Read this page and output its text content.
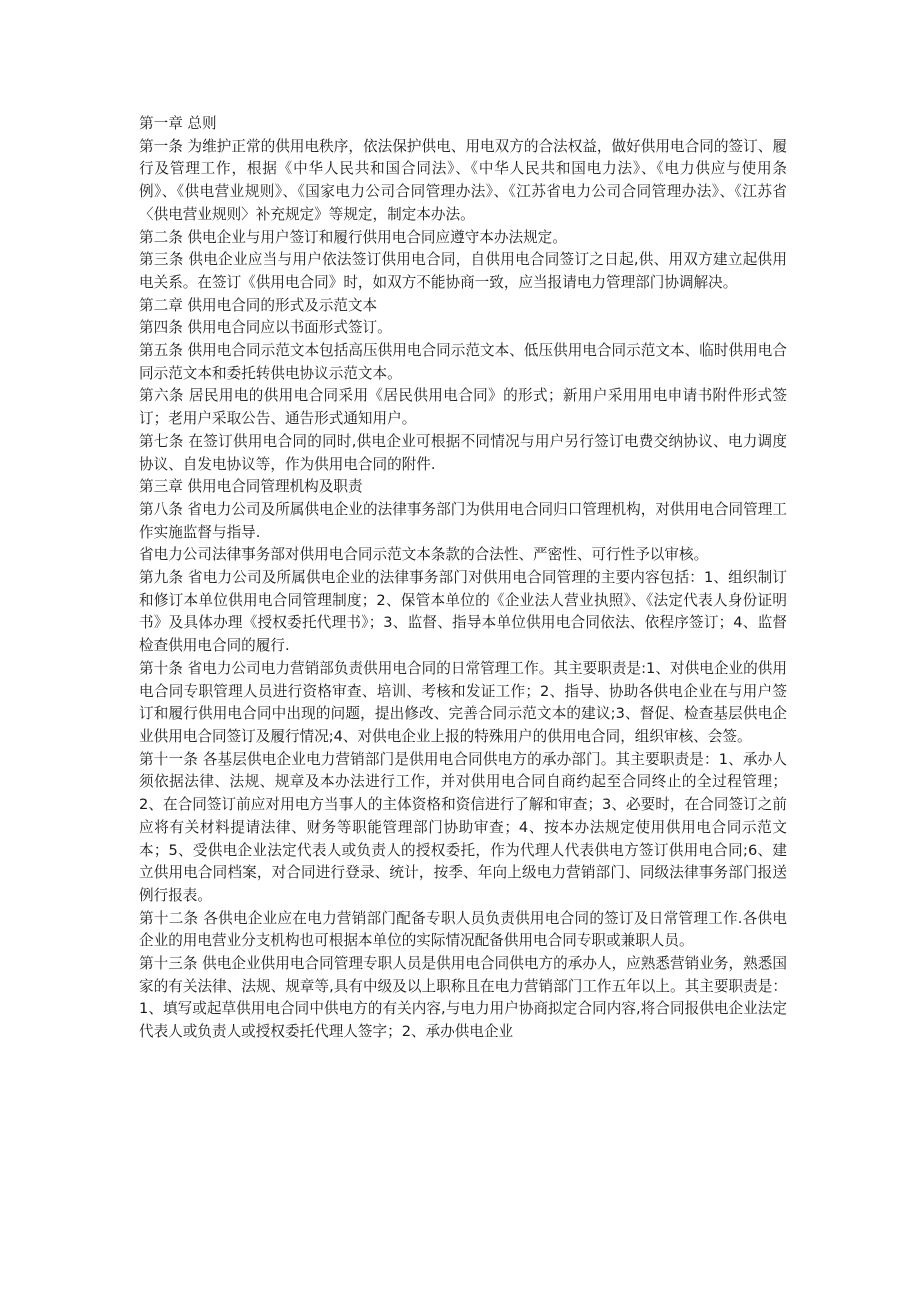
第一章 总则

第一条 为维护正常的供用电秩序，依法保护供电、用电双方的合法权益，做好供用电合同的签订、履行及管理工作，根据《中华人民共和国合同法》、《中华人民共和国电力法》、《电力供应与使用条例》、《供电营业规则》、《国家电力公司合同管理办法》、《江苏省电力公司合同管理办法》、《江苏省〈供电营业规则〉补充规定》等规定，制定本办法。

第二条 供电企业与用户签订和履行供用电合同应遵守本办法规定。

第三条 供电企业应当与用户依法签订供用电合同，自供用电合同签订之日起,供、用双方建立起供用电关系。在签订《供用电合同》时，如双方不能协商一致，应当报请电力管理部门协调解决。

第二章 供用电合同的形式及示范文本

第四条 供用电合同应以书面形式签订。

第五条 供用电合同示范文本包括高压供用电合同示范文本、低压供用电合同示范文本、临时供用电合同示范文本和委托转供电协议示范文本。

第六条 居民用电的供用电合同采用《居民供用电合同》的形式；新用户采用用电申请书附件形式签订；老用户采取公告、通告形式通知用户。

第七条 在签订供用电合同的同时,供电企业可根据不同情况与用户另行签订电费交纳协议、电力调度协议、自发电协议等，作为供用电合同的附件.

第三章 供用电合同管理机构及职责

第八条 省电力公司及所属供电企业的法律事务部门为供用电合同归口管理机构，对供用电合同管理工作实施监督与指导.

省电力公司法律事务部对供用电合同示范文本条款的合法性、严密性、可行性予以审核。

第九条 省电力公司及所属供电企业的法律事务部门对供用电合同管理的主要内容包括：1、组织制订和修订本单位供用电合同管理制度；2、保管本单位的《企业法人营业执照》、《法定代表人身份证明书》及具体办理《授权委托代理书》；3、监督、指导本单位供用电合同依法、依程序签订；4、监督检查供用电合同的履行.

第十条 省电力公司电力营销部负责供用电合同的日常管理工作。其主要职责是:1、对供电企业的供用电合同专职管理人员进行资格审查、培训、考核和发证工作；2、指导、协助各供电企业在与用户签订和履行供用电合同中出现的问题，提出修改、完善合同示范文本的建议;3、督促、检查基层供电企业供用电合同签订及履行情况;4、对供电企业上报的特殊用户的供用电合同，组织审核、会签。

第十一条 各基层供电企业电力营销部门是供用电合同供电方的承办部门。其主要职责是：1、承办人须依据法律、法规、规章及本办法进行工作，并对供用电合同自商约起至合同终止的全过程管理；2、在合同签订前应对用电方当事人的主体资格和资信进行了解和审查；3、必要时，在合同签订之前应将有关材料提请法律、财务等职能管理部门协助审查；4、按本办法规定使用供用电合同示范文本；5、受供电企业法定代表人或负责人的授权委托，作为代理人代表供电方签订供用电合同;6、建立供用电合同档案，对合同进行登录、统计，按季、年向上级电力营销部门、同级法律事务部门报送例行报表。

第十二条 各供电企业应在电力营销部门配备专职人员负责供用电合同的签订及日常管理工作.各供电企业的用电营业分支机构也可根据本单位的实际情况配备供用电合同专职或兼职人员。

第十三条 供电企业供用电合同管理专职人员是供用电合同供电方的承办人，应熟悉营销业务，熟悉国家的有关法律、法规、规章等,具有中级及以上职称且在电力营销部门工作五年以上。其主要职责是：1、填写或起草供用电合同中供电方的有关内容,与电力用户协商拟定合同内容,将合同报供电企业法定代表人或负责人或授权委托代理人签字；2、承办供电企业
